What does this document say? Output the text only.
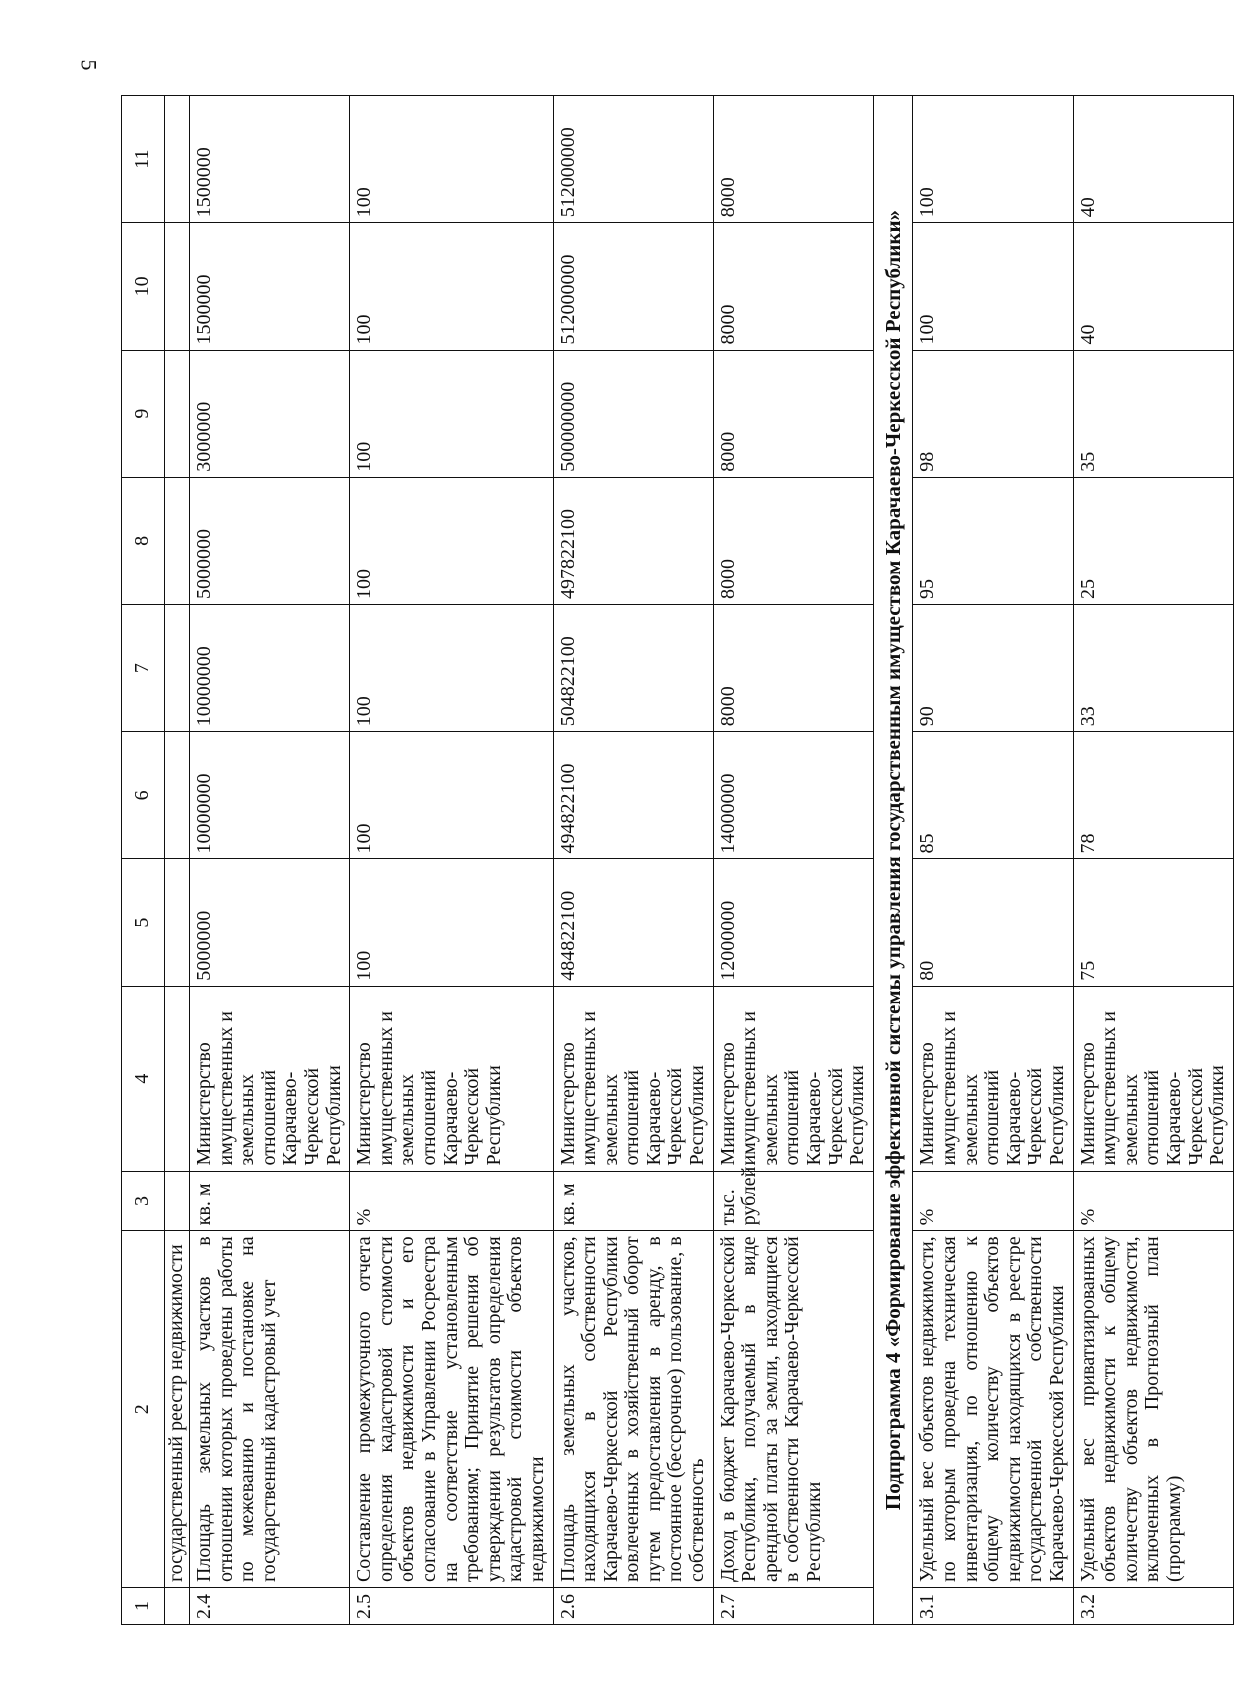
5
1	2	3	4	5	6	7	8	9	10	11
	государственный реестр недвижимости									
2.4	Площадь земельных участков в отношении которых проведены работы по межеванию и постановке на государственный кадастровый учет	кв. м	Министерство имущественных и земельных отношений Карачаево-Черкесской Республики	5000000	10000000	10000000	5000000	3000000	1500000	1500000
2.5	Составление промежуточного отчета определения кадастровой стоимости объектов недвижимости и его согласование в Управлении Росреестра на соответствие установленным требованиям; Принятие решения об утверждении результатов определения кадастровой стоимости объектов недвижимости	%	Министерство имущественных и земельных отношений Карачаево-Черкесской Республики	100	100	100	100	100	100	100
2.6	Площадь земельных участков, находящихся в собственности Карачаево-Черкесской Республики вовлеченных в хозяйственный оборот путем предоставления в аренду, в постоянное (бессрочное) пользование, в собственность	кв. м	Министерство имущественных и земельных отношений Карачаево-Черкесской Республики	484822100	494822100	504822100	497822100	500000000	512000000	512000000
2.7	Доход в бюджет Карачаево-Черкесской Республики, получаемый в виде арендной платы за земли, находящиеся в собственности Карачаево-Черкесской Республики	тыс. рублей	Министерство имущественных и земельных отношений Карачаево-Черкесской Республики	12000000	14000000	8000	8000	8000	8000	8000
Подпрограмма 4 «Формирование эффективной системы управления государственным имуществом Карачаево-Черкесской Республики»										
3.1	Удельный вес объектов недвижимости, по которым проведена техническая инвентаризация, по отношению к общему количеству объектов недвижимости находящихся в реестре государственной собственности Карачаево-Черкесской Республики	%	Министерство имущественных и земельных отношений Карачаево-Черкесской Республики	80	85	90	95	98	100	100
3.2	Удельный вес приватизированных объектов недвижимости к общему количеству объектов недвижимости, включенных в Прогнозный план (программу)	%	Министерство имущественных и земельных отношений Карачаево-Черкесской Республики	75	78	33	25	35	40	40
